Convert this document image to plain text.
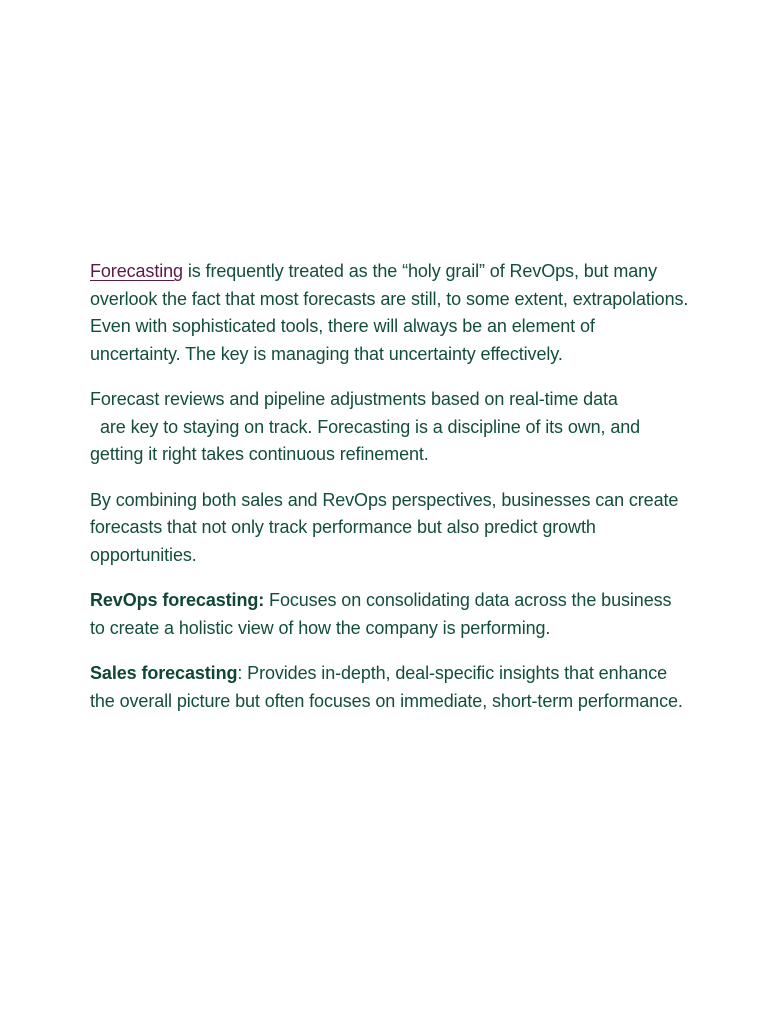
Forecasting is frequently treated as the “holy grail” of RevOps, but many overlook the fact that most forecasts are still, to some extent, extrapolations. Even with sophisticated tools, there will always be an element of uncertainty. The key is managing that uncertainty effectively.

Forecast reviews and pipeline adjustments based on real-time data
are key to staying on track. Forecasting is a discipline of its own, and getting it right takes continuous refinement.

By combining both sales and RevOps perspectives, businesses can create forecasts that not only track performance but also predict growth opportunities.

RevOps forecasting: Focuses on consolidating data across the business to create a holistic view of how the company is performing.

Sales forecasting: Provides in-depth, deal-specific insights that enhance the overall picture but often focuses on immediate, short-term performance.
